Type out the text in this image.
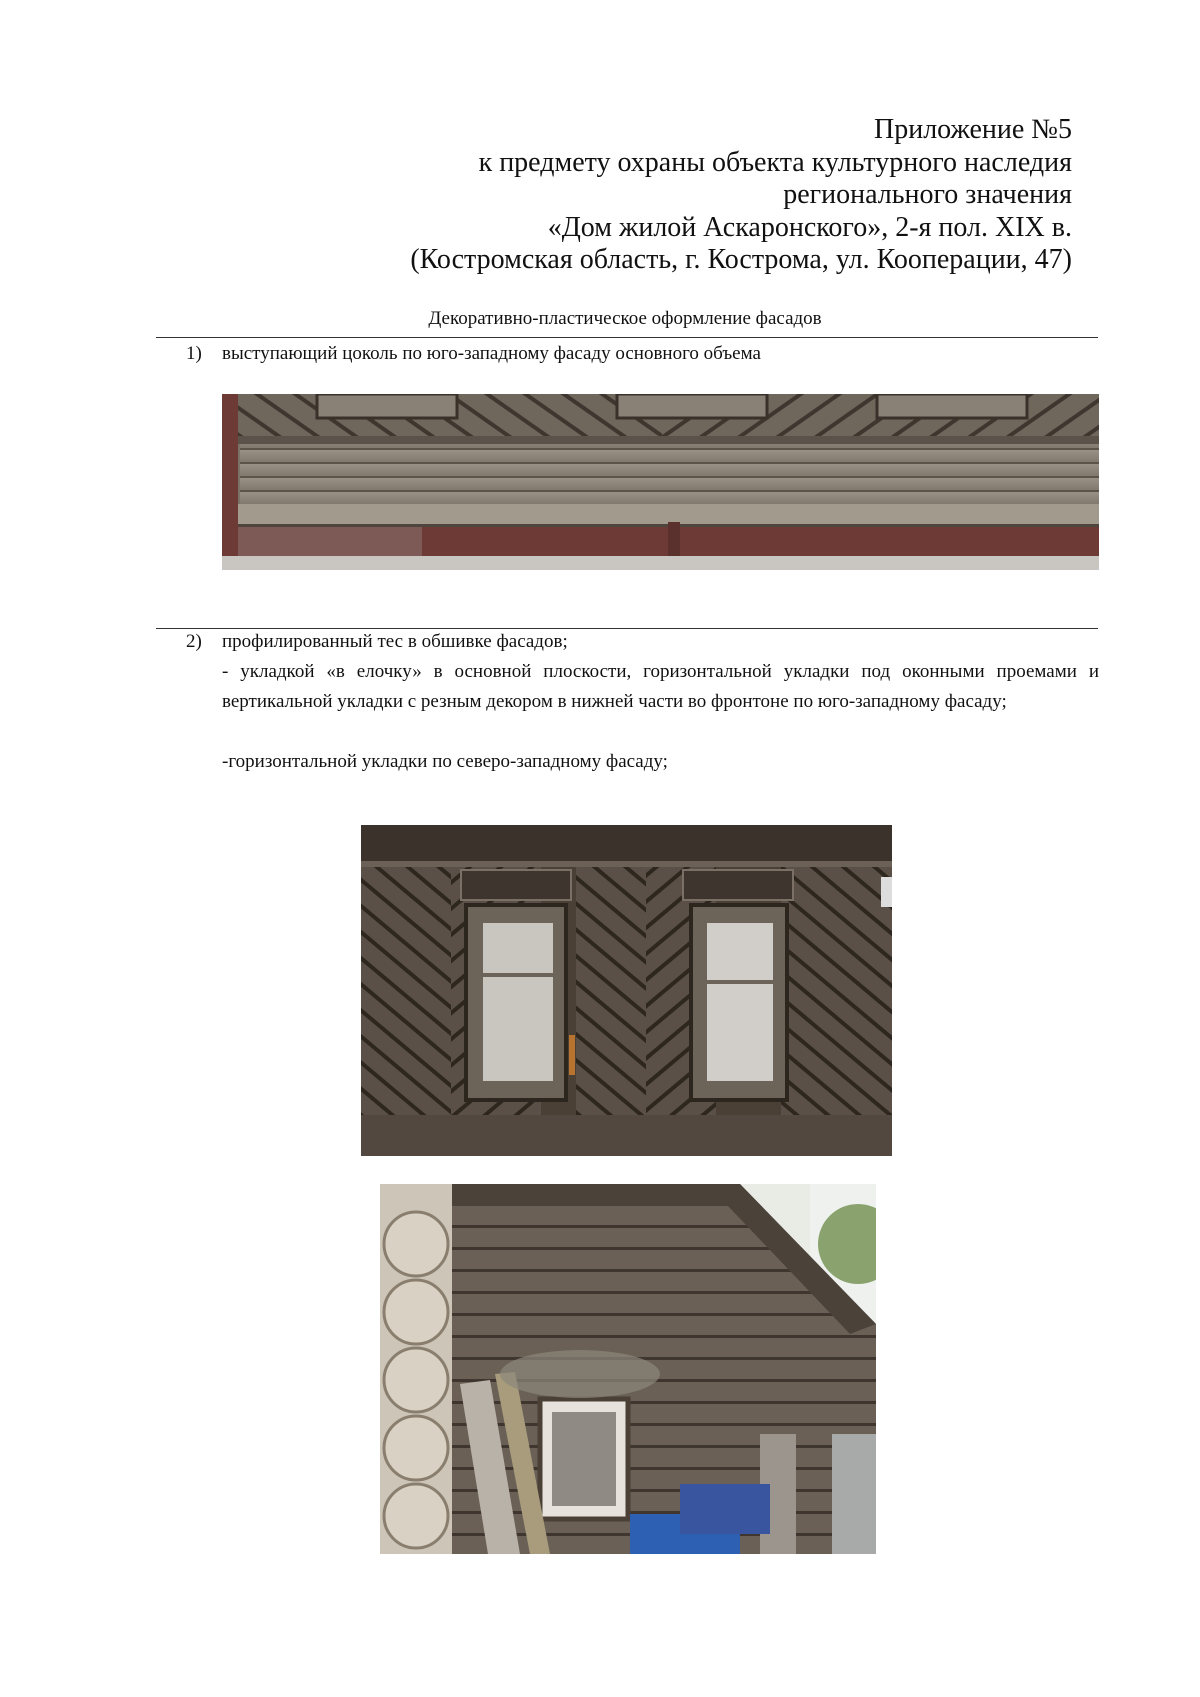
Приложение №5
к предмету охраны объекта культурного наследия
регионального значения
«Дом жилой Аскаронского», 2-я пол. XIX в.
(Костромская область, г. Кострома, ул. Кооперации, 47)
Декоративно-пластическое оформление фасадов
1)	выступающий цоколь по юго-западному фасаду основного объема
2)	профилированный тес в обшивке фасадов;
- укладкой «в елочку» в основной плоскости, горизонтальной укладки под оконными проемами и вертикальной укладки с резным декором в нижней части во фронтоне по юго-западному фасаду;
-горизонтальной укладки по северо-западному фасаду;
